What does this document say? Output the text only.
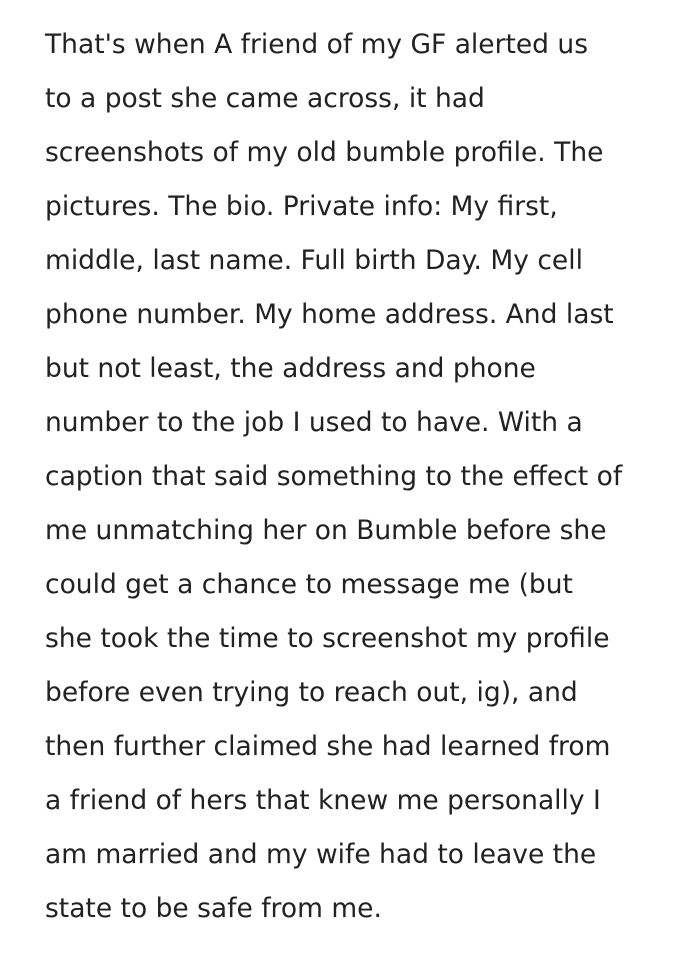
That's when A friend of my GF alerted us
to a post she came across, it had
screenshots of my old bumble profile. The
pictures. The bio. Private info: My first,
middle, last name. Full birth Day. My cell
phone number. My home address. And last
but not least, the address and phone
number to the job I used to have. With a
caption that said something to the effect of
me unmatching her on Bumble before she
could get a chance to message me (but
she took the time to screenshot my profile
before even trying to reach out, ig), and
then further claimed she had learned from
a friend of hers that knew me personally I
am married and my wife had to leave the
state to be safe from me.
